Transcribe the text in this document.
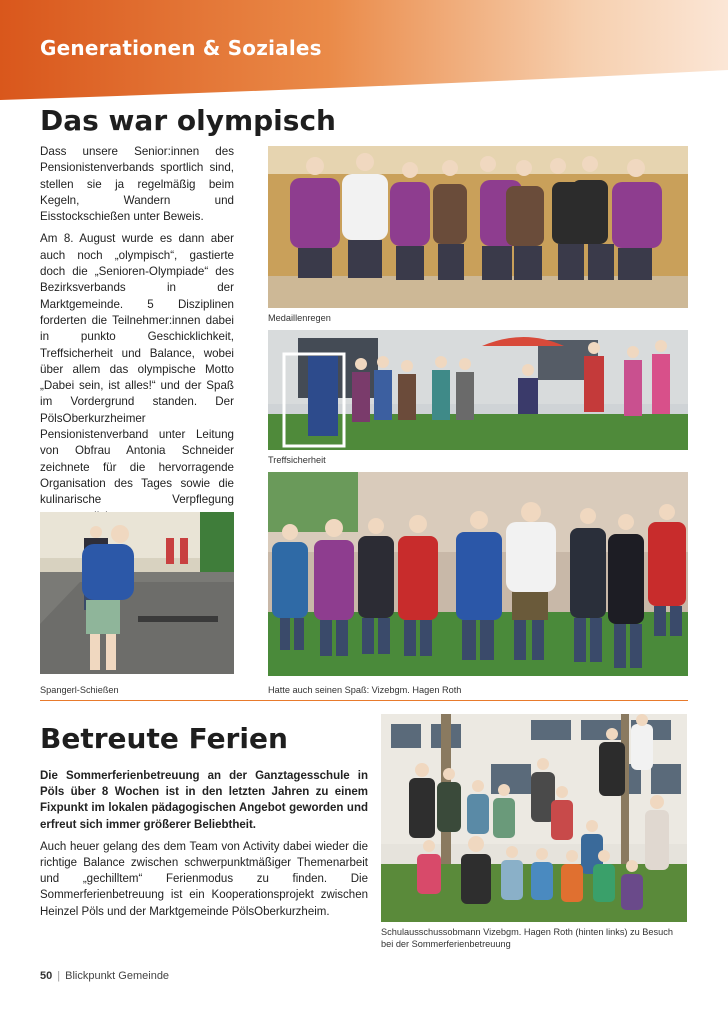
Generationen & Soziales
Das war olympisch

Dass unsere Senior:innen des Pensionistenverbands sportlich sind, stellen sie ja regelmäßig beim Kegeln, Wandern und Eisstockschießen unter Beweis.

Am 8. August wurde es dann aber auch noch „olympisch“, gastierte doch die „Senioren-Olympiade“ des Bezirksverbands in der Marktgemeinde. 5 Disziplinen forderten die Teilnehmer:innen dabei in punkto Geschicklichkeit, Treffsicherheit und Balance, wobei über allem das olympische Motto „Dabei sein, ist alles!“ und der Spaß im Vordergrund standen. Der PölsOberkurzheimer Pensionistenverband unter Leitung von Obfrau Antonia Schneider zeichnete für die hervorragende Organisation des Tages sowie die kulinarische Verpflegung

Medaillenregen
Treffsicherheit
Spangerl-Schießen	Hatte auch seinen Spaß: Vizebgm. Hagen Roth
Betreute Ferien

Die Sommerferienbetreuung an der Ganztagesschule in Pöls über 8 Wochen ist in den letzten Jahren zu einem Fixpunkt im lokalen pädagogischen Angebot geworden und erfreut sich immer größerer Beliebtheit.

Auch heuer gelang des dem Team von Activity dabei wieder die richtige Balance zwischen schwerpunktmäßiger Themenarbeit und „gechilltem“ Ferienmodus zu finden. Die Sommerferienbetreuung ist ein Kooperationsprojekt zwischen Heinzel Pöls und der Marktgemeinde PölsOberkurzheim.

Schulausschussobmann Vizebgm. Hagen Roth (hinten links) zu Besuch bei der Sommerferienbetreuung
50 | Blickpunkt Gemeinde
